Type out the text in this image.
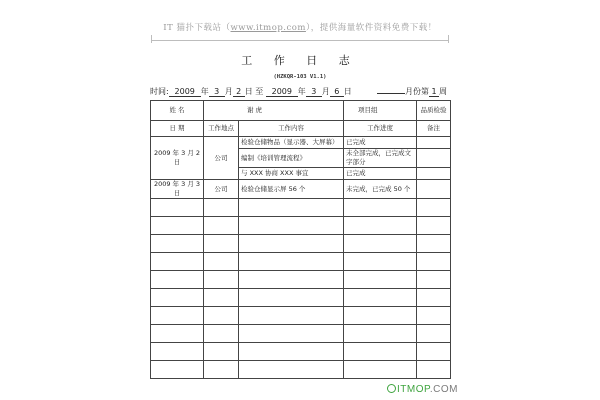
IT 猫扑下载站（www.itmop.com），提供海量软件资料免费下载！
工 作 日 志
(HZKQR-103 V1.1)
时间: 2009 年 3 月 2 日 至 2009 年 3 月 6 日	月份第 1 周
姓 名	谢 虎		项目组	品质检验
日 期	工作地点	工作内容	工作进度	备注
2009 年 3 月 2 日	公司	检验仓储物品（显示器、大屏幕）	已完成	
		编制《培训管理流程》	未全部完成，已完成文字部分	
		与 XXX 协商 XXX 事宜	已完成	
2009 年 3 月 3 日	公司	检验仓储显示屏 56 个	未完成，已完成 50 个	

ITMOP.COM
